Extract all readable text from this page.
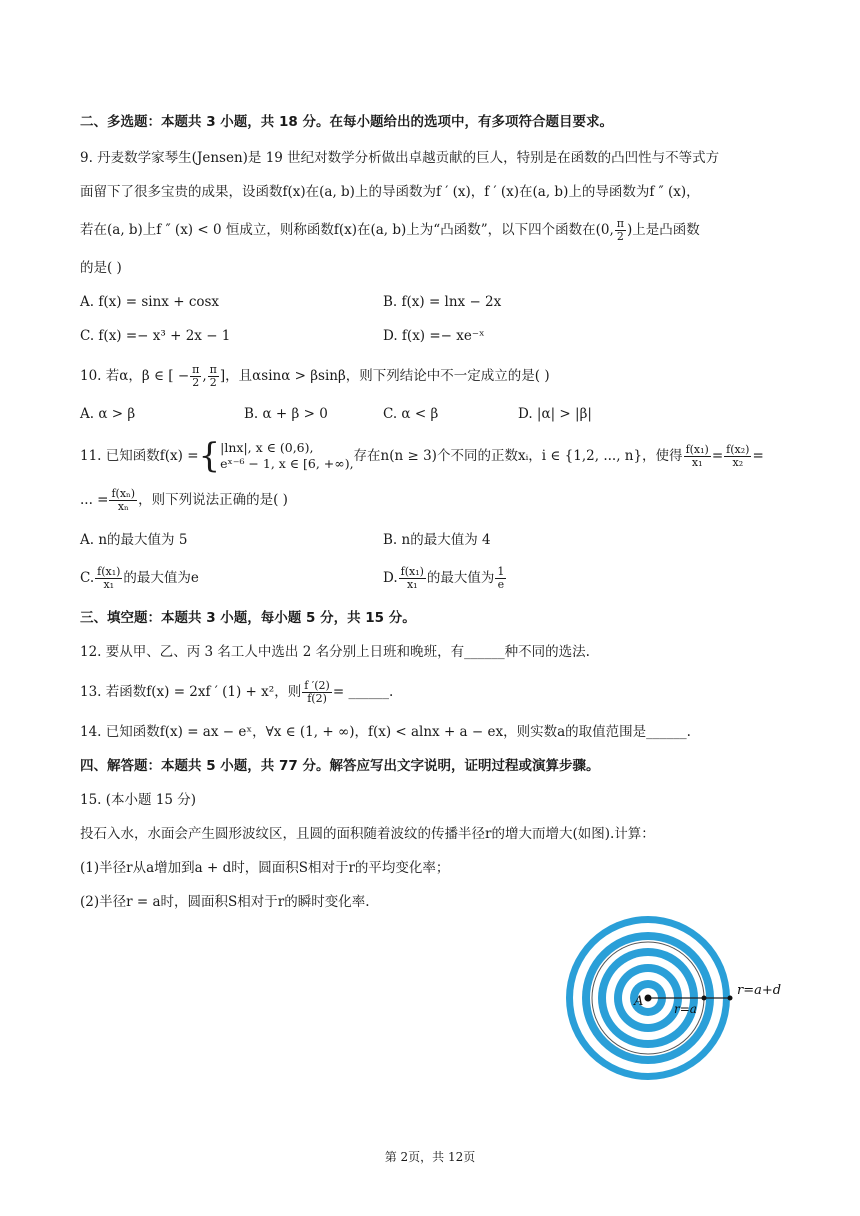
二、多选题：本题共 3 小题，共 18 分。在每小题给出的选项中，有多项符合题目要求。
9. 丹麦数学家琴生(Jensen)是 19 世纪对数学分析做出卓越贡献的巨人，特别是在函数的凸凹性与不等式方
面留下了很多宝贵的成果，设函数f(x)在(a, b)上的导函数为f ′ (x)，f ′ (x)在(a, b)上的导函数为f ″ (x)，
若在(a, b)上f ″ (x) < 0 恒成立，则称函数f(x)在(a, b)上为“凸函数”，以下四个函数在(0, $\frac{\pi}{2}$ )上是凸函数
的是( )
A. f(x) = sinx + cosx	B. f(x) = lnx − 2x
C. f(x) =− x³ + 2x − 1	D. f(x) =− xe⁻ˣ
10. 若α，β ∈ [ − $\frac{\pi}{2}$ , $\frac{\pi}{2}$ ]，且αsinα > βsinβ，则下列结论中不一定成立的是( )
A. α > β	B. α + β > 0	C. α < β	D. |α| > |β|
11. 已知函数f(x) ={ |lnx|, x ∈ (0,6),
eˣ⁻⁶ − 1, x ∈ [6, +∞), 存在n(n ≥ 3)个不同的正数xᵢ，i ∈ {1,2, ..., n}，使得 $\frac{\text{f(x₁)}}{\text{x₁}} = \frac{\text{f(x₂)}}{\text{x₂}}$ =
... = $\frac{\text{f(xₙ)}}{\text{xₙ}}$ ，则下列说法正确的是( )
A. n的最大值为 5	B. n的最大值为 4
C. $\frac{\text{f(x₁)}}{\text{x₁}}$ 的最大值为e	D. $\frac{\text{f(x₁)}}{\text{x₁}}$ 的最大值为 $\frac{1}{e}$
三、填空题：本题共 3 小题，每小题 5 分，共 15 分。
12. 要从甲、乙、丙 3 名工人中选出 2 名分别上日班和晚班，有______种不同的选法.
13. 若函数f(x) = 2xf ′ (1) + x²，则 $\frac{f '(2)}{f(2)}$ = ______.
14. 已知函数f(x) = ax − eˣ，∀x ∈ (1, + ∞)，f(x) < alnx + a − ex，则实数a的取值范围是______.
四、解答题：本题共 5 小题，共 77 分。解答应写出文字说明，证明过程或演算步骤。
15. (本小题 15 分)
投石入水，水面会产生圆形波纹区，且圆的面积随着波纹的传播半径r的增大而增大(如图).计算：
(1)半径r从a增加到a + d时，圆面积S相对于r的平均变化率；
(2)半径r = a时，圆面积S相对于r的瞬时变化率.
A	r=a
r=a+d
第 2页，共 12页
